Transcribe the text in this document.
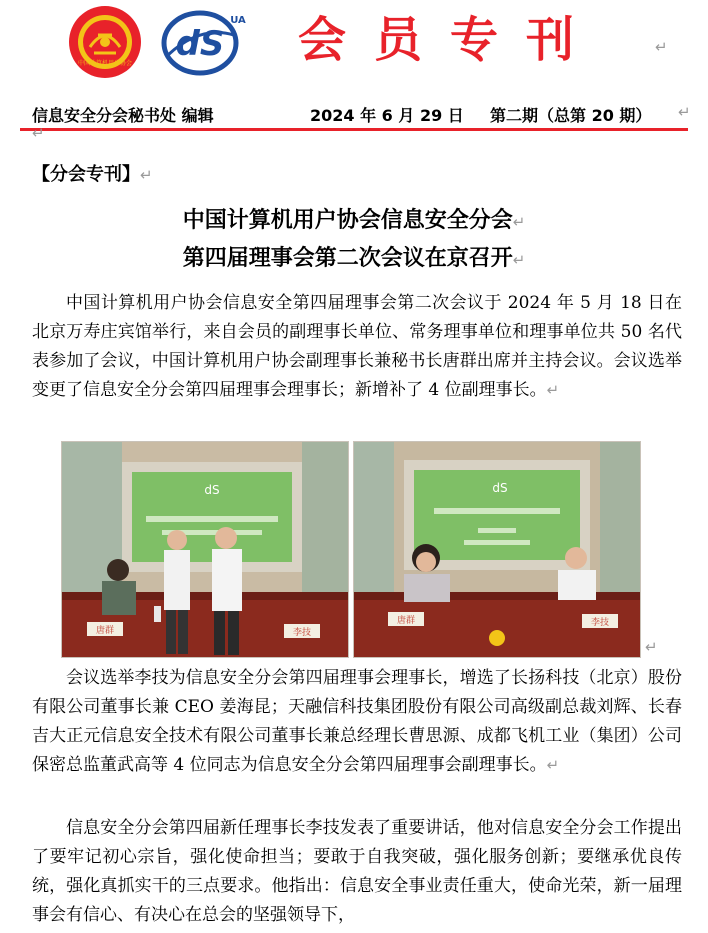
中国计算机用户协会 dS
UA 会员专刊	↵
信息安全分会秘书处 编辑	2024 年 6 月 29 日 第二期（总第 20 期） ↵
↵
【分会专刊】↵
中国计算机用户协会信息安全分会↵
第四届理事会第二次会议在京召开↵

中国计算机用户协会信息安全第四届理事会第二次会议于 2024 年 5 月 18 日在北京万寿庄宾馆举行，来自会员的副理事长单位、常务理事单位和理事单位共 50 名代表参加了会议，中国计算机用户协会副理事长兼秘书长唐群出席并主持会议。会议选举变更了信息安全分会第四届理事会理事长；新增补了 4 位副理事长。↵

dS
唐群	李技
dS
唐群	李技
↵

会议选举李技为信息安全分会第四届理事会理事长，增选了长扬科技（北京）股份有限公司董事长兼 CEO 姜海昆；天融信科技集团股份有限公司高级副总裁刘辉、长春吉大正元信息安全技术有限公司董事长兼总经理长曹思源、成都飞机工业（集团）公司保密总监董武高等 4 位同志为信息安全分会第四届理事会副理事长。↵

信息安全分会第四届新任理事长李技发表了重要讲话，他对信息安全分会工作提出了要牢记初心宗旨，强化使命担当；要敢于自我突破，强化服务创新；要继承优良传统，强化真抓实干的三点要求。他指出：信息安全事业责任重大，使命光荣，新一届理事会有信心、有决心在总会的坚强领导下，
